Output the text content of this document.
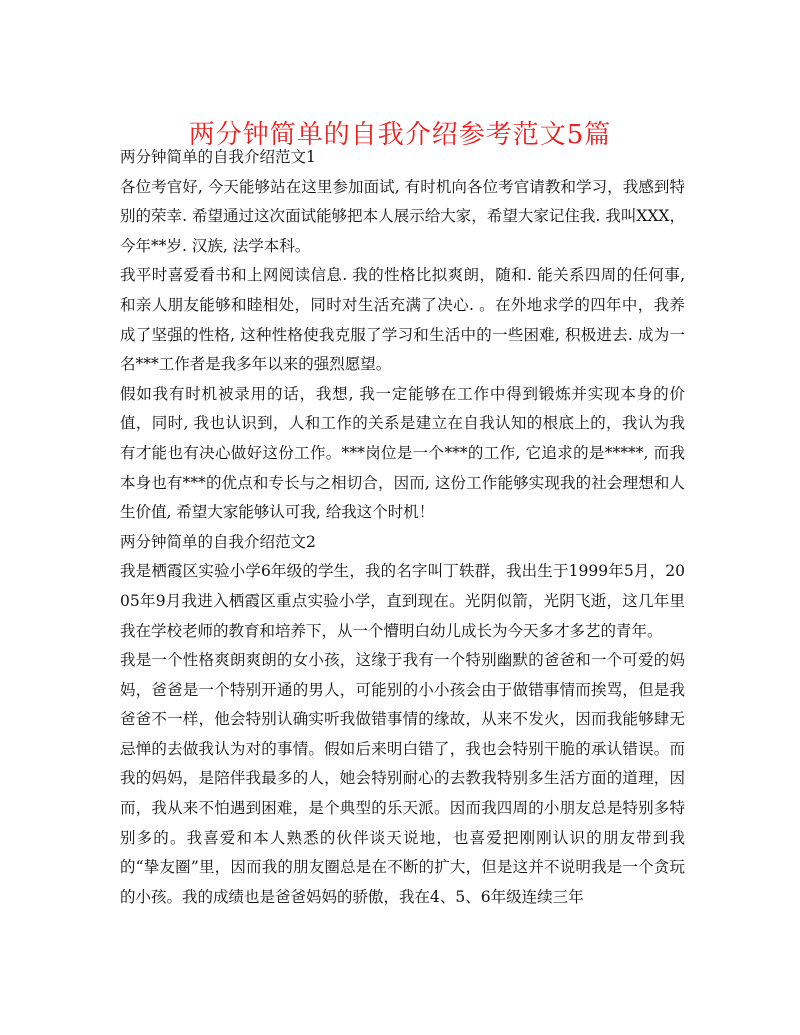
两分钟简单的自我介绍参考范文5篇

两分钟简单的自我介绍范文1

各位考官好, 今天能够站在这里参加面试, 有时机向各位考官请教和学习，我感到特别的荣幸. 希望通过这次面试能够把本人展示给大家，希望大家记住我. 我叫XXX，今年**岁. 汉族, 法学本科。

我平时喜爱看书和上网阅读信息. 我的性格比拟爽朗，随和. 能关系四周的任何事, 和亲人朋友能够和睦相处，同时对生活充满了决心. 。在外地求学的四年中，我养成了坚强的性格, 这种性格使我克服了学习和生活中的一些困难, 积极进去. 成为一名***工作者是我多年以来的强烈愿望。

假如我有时机被录用的话，我想, 我一定能够在工作中得到锻炼并实现本身的价值，同时, 我也认识到，人和工作的关系是建立在自我认知的根底上的，我认为我有才能也有决心做好这份工作。***岗位是一个***的工作, 它追求的是*****, 而我本身也有***的优点和专长与之相切合，因而, 这份工作能够实现我的社会理想和人生价值, 希望大家能够认可我, 给我这个时机！

两分钟简单的自我介绍范文2

我是栖霞区实验小学6年级的学生，我的名字叫丁轶群，我出生于1999年5月，2005年9月我进入栖霞区重点实验小学，直到现在。光阴似箭，光阴飞逝，这几年里我在学校老师的教育和培养下，从一个懵明白幼儿成长为今天多才多艺的青年。

我是一个性格爽朗爽朗的女小孩，这缘于我有一个特别幽默的爸爸和一个可爱的妈妈，爸爸是一个特别开通的男人，可能别的小小孩会由于做错事情而挨骂，但是我爸爸不一样，他会特别认确实听我做错事情的缘故，从来不发火，因而我能够肆无忌惮的去做我认为对的事情。假如后来明白错了，我也会特别干脆的承认错误。而我的妈妈，是陪伴我最多的人，她会特别耐心的去教我特别多生活方面的道理，因而，我从来不怕遇到困难，是个典型的乐天派。因而我四周的小朋友总是特别多特别多的。我喜爱和本人熟悉的伙伴谈天说地，也喜爱把刚刚认识的朋友带到我的“挚友圈”里，因而我的朋友圈总是在不断的扩大，但是这并不说明我是一个贪玩的小孩。我的成绩也是爸爸妈妈的骄傲，我在4、5、6年级连续三年
